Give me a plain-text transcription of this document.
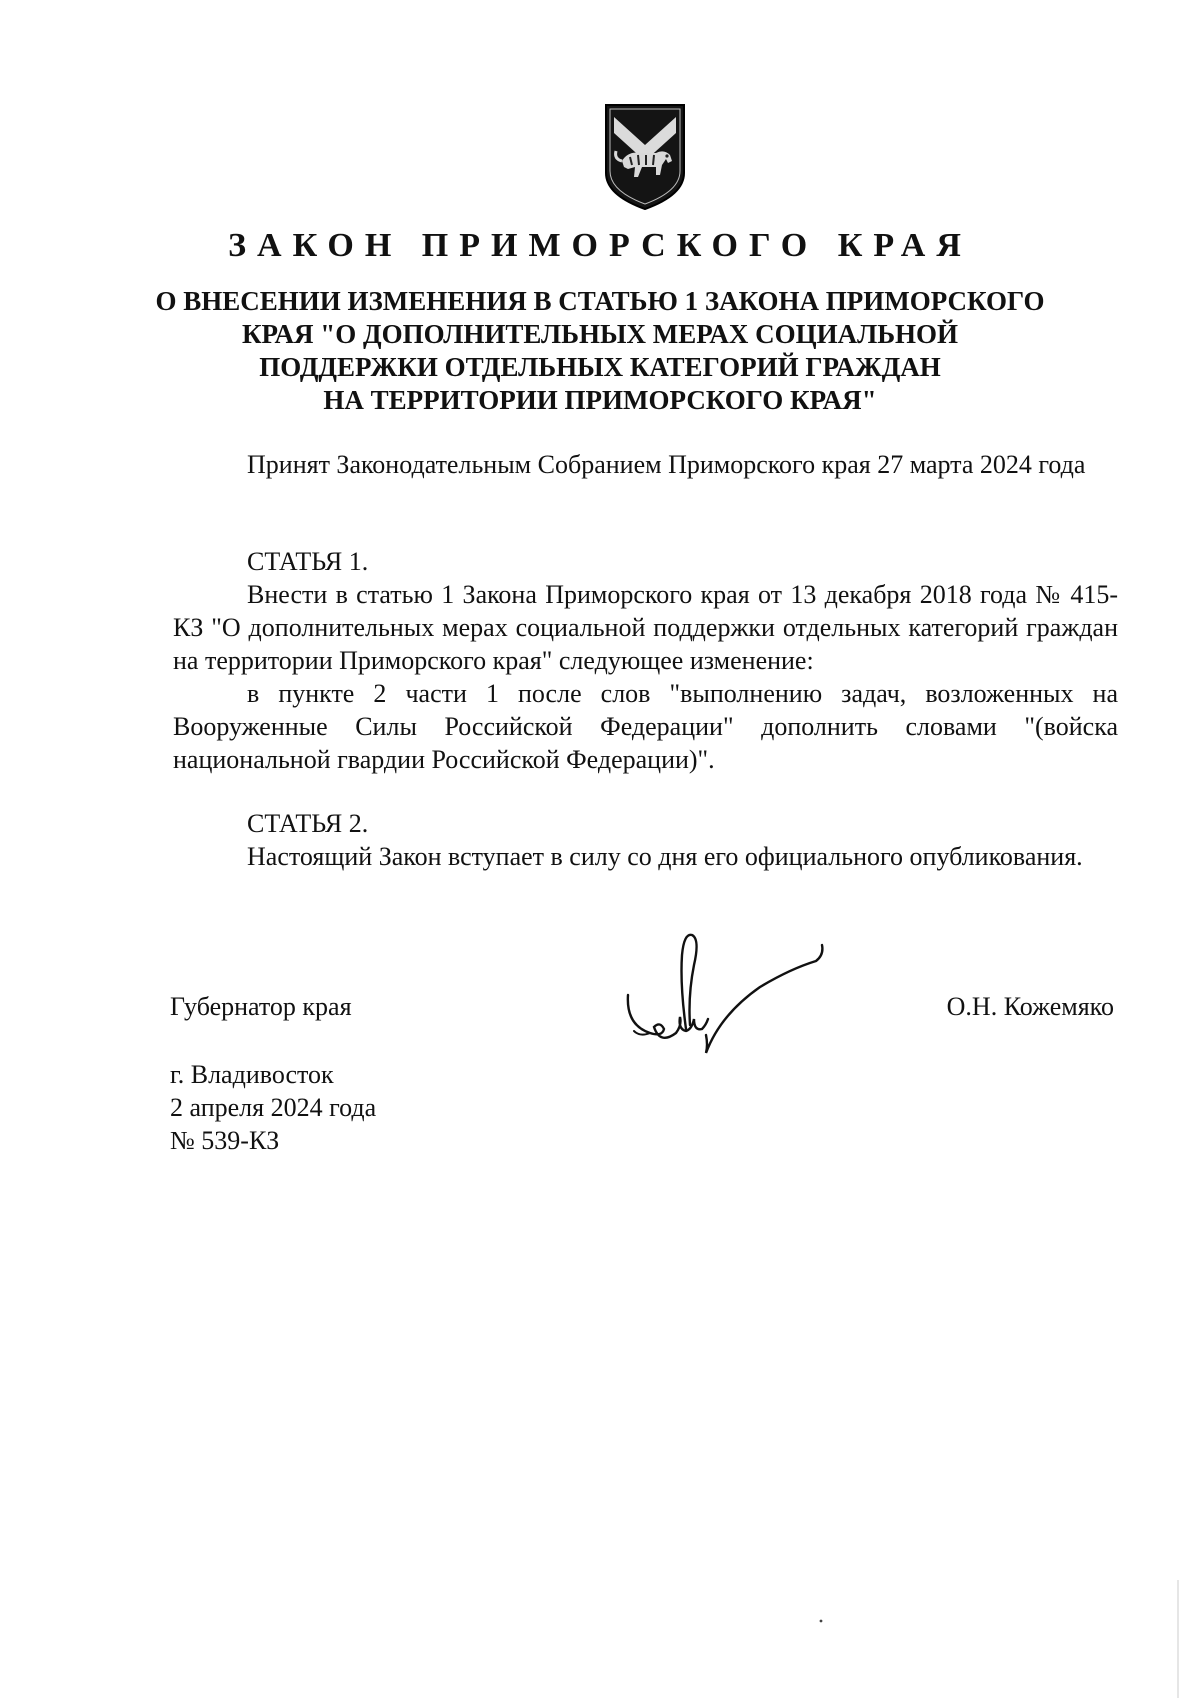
ЗАКОН ПРИМОРСКОГО КРАЯ
О ВНЕСЕНИИ ИЗМЕНЕНИЯ В СТАТЬЮ 1 ЗАКОНА ПРИМОРСКОГО
КРАЯ "О ДОПОЛНИТЕЛЬНЫХ МЕРАХ СОЦИАЛЬНОЙ
ПОДДЕРЖКИ ОТДЕЛЬНЫХ КАТЕГОРИЙ ГРАЖДАН
НА ТЕРРИТОРИИ ПРИМОРСКОГО КРАЯ"

Принят Законодательным Собранием Приморского края 27 марта 2024 года

СТАТЬЯ 1.

Внести в статью 1 Закона Приморского края от 13 декабря 2018 года № 415-КЗ "О дополнительных мерах социальной поддержки отдельных категорий граждан на территории Приморского края" следующее изменение:

в пункте 2 части 1 после слов "выполнению задач, возложенных на Вооруженные Силы Российской Федерации" дополнить словами "(войска национальной гвардии Российской Федерации)".

СТАТЬЯ 2.

Настоящий Закон вступает в силу со дня его официального опубликования.

Губернатор края	О.Н. Кожемяко
г. Владивосток
2 апреля 2024 года
№ 539-КЗ
